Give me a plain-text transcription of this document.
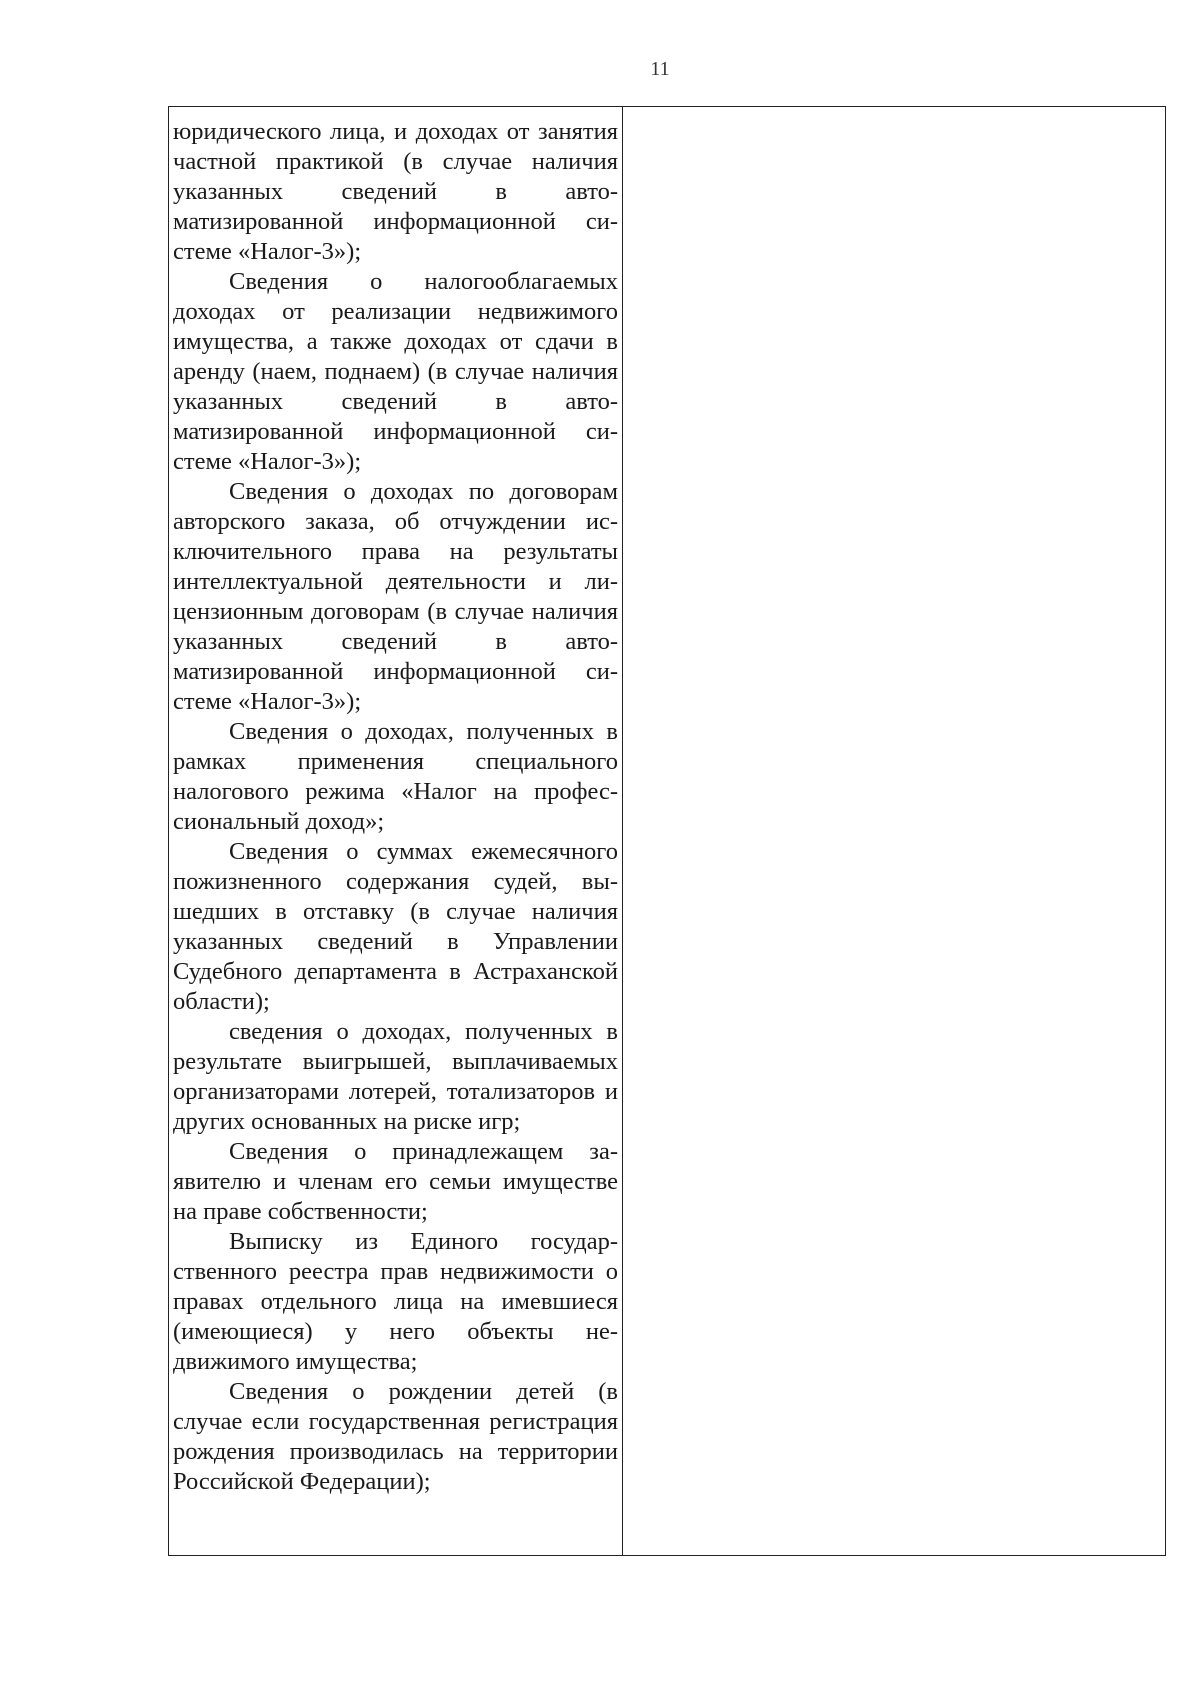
11

юридического лица, и доходах от занятия частной практикой (в случае наличия указанных сведений в автоматизированной информационной системе «Налог-3»);

Сведения о налогооблагаемых доходах от реализации недвижимого имущества, а также доходах от сдачи в аренду (наем, поднаем) (в случае наличия указанных сведений в автоматизированной информационной системе «Налог-3»);

Сведения о доходах по договорам авторского заказа, об отчуждении исключительного права на результаты интеллектуальной деятельности и лицензионным договорам (в случае наличия указанных сведений в автоматизированной информационной системе «Налог-3»);

Сведения о доходах, полученных в рамках применения специального налогового режима «Налог на профессиональный доход»;

Сведения о суммах ежемесячного пожизненного содержания судей, вышедших в отставку (в случае наличия указанных сведений в Управлении Судебного департамента в Астраханской области);

сведения о доходах, полученных в результате выигрышей, выплачиваемых организаторами лотерей, тотализаторов и других основанных на риске игр;

Сведения о принадлежащем заявителю и членам его семьи имуществе на праве собственности;

Выписку из Единого государственного реестра прав недвижимости о правах отдельного лица на имевшиеся (имеющиеся) у него объекты недвижимого имущества;

Сведения о рождении детей (в случае если государственная регистрация рождения производилась на территории Российской Федерации);
